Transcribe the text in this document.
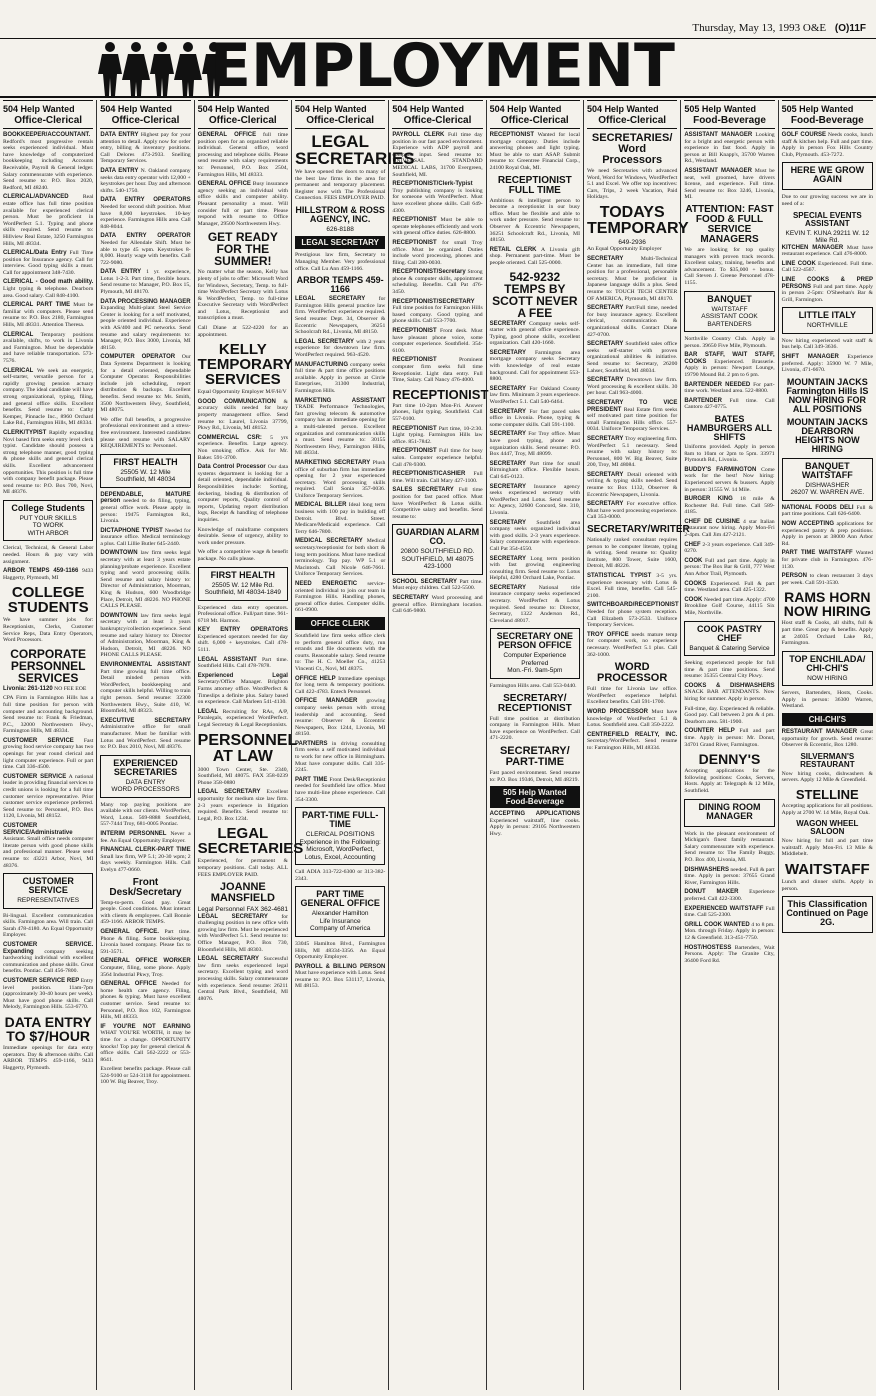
Thursday, May 13, 1993 O&E (O)11F
EMPLOYMENT
504 Help Wanted
Office-Clerical
BOOKKEEPER/ACCOUNTANT. Redford's most progressive rentals seeks experienced individual. Must have knowledge of computerized bookkeeping including Accounts Receivable, Payroll & General ledger. Salary commensurate with experience. Send resume to: P.O. Box 2020, Redford, MI 48240.
CLERICAL/ADVANCED	Real estate office has full time position available for experienced clerical person. Must be proficient in WordPerfect 5.1. Typing and phone skills required. Send resume to: Hillview Real Estate, 3250 Farmington Hills, MI 48334.
CLERICAL/Data Entry Full Time position for Insurance agency. Call for interview. Good typing skills a must. Call for appointment 348-7430.
CLERICAL - Good math ability. Light typing & telephone. Dearborn area. Good salary. Call 848-4100.
CLERICAL PART TIME Must be familiar with computers. Please send resume to: P.O. Box 2180, Farmington Hills, MI 48331. Attention Theresa.
CLERICAL Temporary positions available, shifts, to work in Livonia and Farmington. Must be dependable and have reliable transportation. 573-7576.
CLERICAL We seek an energetic, self-starter, versatile person for a rapidly growing pension actuary company. The ideal candidate will have strong organizational, typing, filing, and general office skills. Excellent benefits. Send resume to: Cathy Kemper, Pinnacle Inc., 8960 Orchard Lake Rd., Farmington Hills, MI 48334.
CLERK/TYPIST Rapidly expanding Novi based firm seeks entry level clerk typist. Candidate should possess a strong telephone manner, good typing & phone skills and general clerical skills. Excellent advancement opportunities. This position is full time with company benefit package. Please send resume to: P.O. Box 700, Novi, MI 48376.
College Students
PUT YOUR SKILLS
TO WORK
WITH ARBOR
Clerical, Technical, & General Labor needed. Hours & pay vary with assignment.
ARBOR TEMPS 459-1166 9433 Haggerty, Plymouth, MI
COLLEGE STUDENTS
We have summer jobs for: Receptionists, Clerks, Customer Service Reps, Data Entry Operators, Word Processors.
CORPORATE PERSONNEL SERVICES
Livonia: 261-1120 NO FEE EOE
CPA Firm in Farmington Hills has a full time position for person with computer and accounting background. Send resume to: Frank & Friedman, P.C., 32000 Northwestern Hwy., Farmington Hills, MI 48334.
CUSTOMER SERVICE Fast growing food service company has two openings for year round clerical and light computer experience. Full or part time. Call 336-4500.
CUSTOMER SERVICE A national leader in providing financial services to credit unions is looking for a full time customer service representative. Prior customer service experience preferred. Send resume to: Personnel, P.O. Box 1120, Livonia, MI 48152.
CUSTOMER SERVICE/Administrative Assistant. Small office needs computer literate person with good phone skills and professional manner. Please send resume to: 43221 Arbor, Novi, MI 48376.
CUSTOMER SERVICE
REPRESENTATIVES
Bi-lingual. Excellent communication skills. Farmington area. Will train. Call Sarah 478-4180. An Equal Opportunity Employer.
CUSTOMER SERVICE. Expanding company seeking hardworking individual with excellent communication and phone skills. Great benefits. Pontiac. Call 456-7800.
CUSTOMER SERVICE REP Entry level position. 11am-7pm (approximately 30-40 hours per week). Must have good phone skills. Call Melody, Farmington Hills. 553-6770.
DATA ENTRY TO $7/HOUR
Immediate openings for data entry operators. Day & afternoon shifts. Call ARBOR TEMPS 459-1166, 9433 Haggerty, Plymouth.
504 Help Wanted
Office-Clerical
DATA ENTRY Highest pay for your attention to detail. Apply now for order entry, billing & inventory positions. Call Delores 473-2933. Snelling Temporary Services.
DATA ENTRY N. Oakland company seeks data entry operator with 12,000 + keystrokes per hour. Day and afternoon shifts. 540-1750.
DATA ENTRY OPERATORS Needed for second shift position. Must have 8,000 keystrokes. 10-key experience. Farmington Hills area. Call 848-8044.
DATA ENTRY OPERATOR Needed for Allendale Shift. Must be able to type 45 wpm. Keystrokes 8-8,000. Hourly wage with benefits. Call 722-9080.
DATA ENTRY 1 yr. experience, Lotus 1-2-3. Part time, flexible hours. Send resume to: Manager, P.O. Box 15, Plymouth, MI 48170.
DATA PROCESSING MANAGER Expanding Multi-plant Steel Service Center is looking for a self motivated, people oriented individual. Experience with AS/400 and PC networks. Send resume and salary requirements to: Manager, P.O. Box 3000, Livonia, MI 48150.
COMPUTER OPERATOR Our Data Systems Department is looking for a detail oriented, dependable Computer Operator. Responsibilities include job scheduling, report distribution & backups. Excellent benefits. Send resume to: Ms. Smith, 3500 Northwestern Hwy, Southfield, MI 48075.
We offer full benefits, a progressive professional environment and a stress-free environment. Interested candidates please send resume with SALARY REQUIREMENTS to: Personnel.
FIRST HEALTH
25505 W. 12 Mile
Southfield, MI 48034
DEPENDABLE, MATURE person needed to do filing, typing, general office work. Please apply in person: 19475 Farmington Rd., Livonia.
DICTAPHONE TYPIST Needed for insurance office. Medical terminology a plus. Call Lillie Butler 645-2440.
DOWNTOWN law firm seeks legal secretary with at least 3 years estate planning/probate experience. Excellent typing and word processing skills. Send resume and salary history to: Director of Administration, Moorman, King & Hudson, 600 Woodbridge Place, Detroit, MI 48226. NO PHONE CALLS PLEASE.
DOWNTOWN law firm seeks legal secretary with at least 3 years bankruptcy/collection experience. Send resume and salary history to: Director of Administration, Moorman, King & Hudson, Detroit, MI 48226. NO PHONE CALLS PLEASE.
ENVIRONMENTAL ASSISTANT Part time growing full time office. Detail minded person with WordPerfect, bookkeeping and computer skills helpful. Willing to train right person. Send resume: 32300 Northwestern Hwy., Suite 410, W. Bloomfield, MI 48323.
EXECUTIVE SECRETARY Administrative office for small manufacturer. Must be familiar with Lotus and WordPerfect. Send resume to: P.O. Box 2010, Novi, MI 48376.
EXPERIENCED SECRETARIES
DATA ENTRY
WORD PROCESSORS
Many top paying positions are available with our clients. WordPerfect, Word, Lotus. 569-8888 Southfield, 557-7444 Troy, 681-0005 Pontiac.
INTERIM PERSONNEL Never a fee. An Equal Opportunity Employer.
FINANCIAL CLERK-PART TIME Small law firm, WP 5.1; 20-30 wpm; 2 days weekly. Farmington Hills. Call Evelyn 477-0660.
Front Desk/Secretary
Temp-to-perm. Good pay. Great people. Good conditions. Must interact with clients & employees. Call Bonnie 459-1166. ARBOR TEMPS.
GENERAL OFFICE. Part time. Phone & filing. Some bookkeeping. Livonia based company. Please fax to 591-3571.
GENERAL OFFICE WORKER Computer, filing, some phone. Apply 3564 Industrial Pkwy, Troy.
GENERAL OFFICE Needed for home health care agency. Filing, phones & typing. Must have excellent customer service. Send resume to: Personnel, P.O. Box 102, Farmington Hills, MI 48333.
IF YOU'RE NOT EARNING WHAT YOU'RE WORTH, it may be time for a change. OPPORTUNITY knocks! Top pay for general clerical & office skills. Call 562-2222 or 553-8641.
Excellent benefits package. Please call 524-9100 or 524-3118 for appointment. 100 W. Big Beaver, Troy.
504 Help Wanted
Office-Clerical
GENERAL OFFICE full time position open for an organized reliable individual. General office, word processing and telephone skills. Please send resume with salary requirements to: Personnel, P.O. Box 2504, Farmington Hills, MI 48333.
GENERAL OFFICE Busy insurance agency seeking an individual with office skills and computer ability. Pleasant personality a must. Will consider full or part time. Please respond with resume to Office Manager, 29500 Northwestern Hwy.
GET READY FOR THE SUMMER!
No matter what the season, Kelly has plenty of jobs to offer: Microsoft Word for Windows, Secretary, Temp. to full-time WordPerfect Secretary with Lotus & WordPerfect, Temp. to full-time Executive Secretary with WordPerfect and Lotus, Receptionist and transcription a must.
Call Diane at 522-4220 for an appointment.
KELLY TEMPORARY SERVICES
Equal Opportunity Employer M/F/H/V
GOOD COMMUNICATION & accuracy skills needed for busy property management office. Send resume to: Laurel, Livonia 37799, Pkwy Rd., Livonia, MI 48152.
COMMERCIAL CSR: 5 yrs experience. Benefits. Large agency. Non smoking office. Ask for Mr. Baker. 591-3700.
Data Control Processor Our data systems department is looking for a detail oriented, dependable individual. Responsibilities include: Sorting, deckering, binding & distribution of computer reports, Quality control of reports, Updating report distribution logs, Receipt & handling of telephone inquiries.
Knowledge of mainframe computers desirable. Sense of urgency, ability to work under pressure.
We offer a competitive wage & benefit package. No calls please.
FIRST HEALTH
25505 W. 12 Mile Rd.
Southfield, MI 48034-1849
Experienced data entry operators. Professional office. Full/part time. 961-6718 Mt. Harmon.
KEY ENTRY OPERATORS Experienced operators needed for day shift. 6,000 + keystrokes. Call 478-5111.
LEGAL ASSISTANT Part time. Southfield Hills. Call 478-7878.
Experienced Legal Secretary/Office Manager. Brighton Farms attorney office. WordPerfect & Timeslips a definite plus. Salary based on experience. Call Marleen 541-4130.
LEGAL Recruiting for RAs, A/P, Paralegals, experienced WordPerfect. Legal Secretary & Legal Receptionists.
PERSONNEL AT LAW
3000 Town Center, Ste. 2340, Southfield, MI 48075. FAX 358-0239 Phone 358-0880
LEGAL SECRETARY Excellent opportunity for medium size law firm. 2-3 years experience in litigation required. Benefits. Send resume to: Legal, P.O. Box 1234.
LEGAL SECRETARIES
Experienced, for permanent & temporary positions. Call today. ALL FEES EMPLOYER PAID.
JOANNE MANSFIELD
Legal Personnel FAX 362-4681
LEGAL SECRETARY for challenging position in new office with growing law firm. Must be experienced with WordPerfect 5.1. Send resume to: Office Manager, P.O. Box 730, Bloomfield Hills, MI 48303.
LEGAL SECRETARY Successful law firm seeks experienced legal secretary. Excellent typing and word processing skills. Salary commensurate with experience. Send resume: 26211 Central Park Blvd., Southfield, MI 48076.
504 Help Wanted
Office-Clerical
LEGAL SECRETARIES
We have opened the doors to many of the best law firms in the area for permanent and temporary placement. Register now with The Professional Connection. FEES EMPLOYER PAID.
HILLSTROM & ROSS AGENCY, INC.
626-8188
LEGAL SECRETARY
Prestigious law firm, Secretary to Managing Member. Very professional office. Call Lu Ann 459-1166.
ARBOR TEMPS 459-1166
LEGAL SECRETARY for Farmington Hills general practice law firm. WordPerfect experience required. Send resume: Dept. 34, Observer & Eccentric Newspapers, 36251 Schoolcraft Rd., Livonia, MI 48150.
LEGAL SECRETARY with 2 years experience for downtown law firm. WordPerfect required. 963-4520.
MANUFACTURING company seeks full time & part time office positions available. Apply in person at Circle Enterprises, 31300 Industrial, Farmington Hills.
MARKETING ASSISTANT TRADE Performance Technologies, fast growing telecom & automotive company has an immediate opening for a multi-talented person. Excellent organization and communication skills a must. Send resume to: 30155 Northwestern Hwy, Farmington Hills, MI 48334.
MARKETING SECRETARY Plush office of suburban firm has immediate opening for 2 year experienced secretary. Word processing skills required. Call Sonia 357-0036. Uniforce Temporary Services.
MEDICAL BILLER Ideal long term business with 100 pay in building off Detroit. Blvd. Street. Medicare/Medicaid experience. Call Terry 646-7800.
MEDICAL SECRETARY Medical secretary/receptionist for both short & long term positions. Must have medical terminology. Top pay. WP 5.1 or Macintosh. Call Nicole 646-7661. Uniforce Temporary Services.
NEED ENERGETIC service-oriented individual to join our team in Farmington Hills. Handling phones, general office duties. Computer skills. 661-0900.
OFFICE CLERK
Southfield law firm seeks office clerk to perform general office duty, run errands and file documents with the courts. Reasonable salary. Send resume to: The H. C. Moeller Co., 41253 Vincenti Ct., Novi, MI 48375.
OFFICE HELP Immediate openings for long term & temporary positions. Call 422-4783. Entech Personnel.
OFFICE MANAGER growing company seeks person with strong leadership and accounting. Send resume: Observer & Eccentric Newspapers, Box 1244, Livonia, MI 48150.
PARTNERS in driving consulting firm seeks a self motivated individual to work for new office in Birmingham. Must have computer skills. Call 335-2245.
PART TIME Front Desk/Receptionist needed for Southfield law office. Must have multi-line phone experience. Call 354-3300.
PART-TIME FULL-TIME
CLERICAL POSITIONS
Experience in the Following:
Microsoft, WordPerfect, Lotus, Excel, Accounting
Call ADIA 313-722-6300 or 313-382-2343.
PART TIME GENERAL OFFICE
Alexander Hamilton
Life Insurance
Company of America
33045 Hamilton Blvd., Farmington Hills, MI 48334-3356. An Equal Opportunity Employer.
PAYROLL & BILLING PERSON Must have experience with Lotus. Send resume to: P.O. Box 531117, Livonia, MI 48153.
504 Help Wanted
Office-Clerical
PAYROLL CLERK Full time day position in our fast paced environment. Experience with ADP payroll and computer input. Send resume to: UNIVERSAL STANDARD MEDICAL LABS, 31700 Evergreen, Southfield, MI.
RECEPTIONIST/Clerk-Typist Troy publishing company is looking for someone with WordPerfect. Must have excellent phone skills. Call 649-4300.
RECEPTIONIST Must be able to operate telephones efficiently and work with general office duties. 626-8800.
RECEPTIONIST for small Troy office. Must be organized. Duties include word processing, phones and filing. Call 280-0030.
RECEPTIONIST/Secretary Strong phone & computer skills, appointment scheduling. Benefits. Call Pat 476-3450.
RECEPTIONIST/SECRETARY Full time position for Farmington Hills based company. Good typing and phone skills. Call 553-7700.
RECEPTIONIST Front desk. Must have pleasant phone voice, some computer experience. Southfield. 354-6100.
RECEPTIONIST	Prominent computer firm seeks full time Receptionist. Light data entry. Full Time, Salary. Call Nancy 476-4000.
RECEPTIONIST
Part time 10-2pm Mon-Fri. Answer phones, light typing. Southfield. Call 557-0100.
RECEPTIONIST Part time, 10-2:30. Light typing. Farmington Hills law office. 851-7842.
RECEPTIONIST Full time for busy salon. Computer experience helpful. Call 478-9300.
RECEPTIONIST/CASHIER Full time. Will train. Call Mary 427-1100.
SALES SECRETARY Full time position for fast paced office. Must have WordPerfect & Lotus skills. Competitive salary and benefits. Send resume to:
GUARDIAN ALARM CO.
20800 SOUTHFIELD RD.
SOUTHFIELD, MI 48075
423-1000
SCHOOL SECRETARY Part time. Must enjoy children. Call 522-5500.
SECRETARY Word processing and general office. Birmingham location. Call 646-9800.
504 Help Wanted
Office-Clerical
RECEPTIONIST Wanted for local mortgage company. Duties include answering phones and light typing. Must be able to start ASAP. Submit resume to: Greentree Financial Corp., 24100 Royal Oak, MI.
RECEPTIONIST FULL TIME
Ambitious & intelligent person to become a receptionist in our busy office. Must be flexible and able to work under pressure. Send resume to: Observer & Eccentric Newspapers, 36251 Schoolcraft Rd., Livonia, MI 48150.
RETAIL CLERK A Livonia gift shop. Permanent part-time. Must be people oriented. Call 525-0000.
542-9232 TEMPS BY SCOTT NEVER A FEE
SECRETARY Company seeks self-starter with general office experience. Typing, good phone skills, excellent organization. Call 420-1660.
SECRETARY Farmington area mortgage company seeks Secretary with knowledge of real estate background. Call for appointment 553-8800.
SECRETARY For Oakland County law firm. Minimum 3 years experience. WordPerfect 5.1. Call 540-6464.
SECRETARY For fast paced sales office in Livonia. Phone, typing & some computer skills. Call 591-1100.
SECRETARY For Troy office. Must have good typing, phone and organization skills. Send resume: P.O. Box 4447, Troy, MI 48099.
SECRETARY Part time for small Birmingham office. Flexible hours. Call 645-0123.
SECRETARY Insurance agency seeks experienced secretary with WordPerfect and Lotus. Send resume to: Agency, 32600 Concord, Ste. 310, Livonia.
SECRETARY Southfield area company seeks organized individual with good skills. 2-3 years experience. Salary commensurate with experience. Call Pat 354-4550.
SECRETARY Long term position with fast growing engineering consulting firm. Send resume to: Lotus Helpful, 4280 Orchard Lake, Pontiac.
SECRETARY National title insurance company seeks experienced secretary. WordPerfect & Lotus required. Send resume to: Director, Secretary, 1322 Anderson Rd., Cleveland 48017.
SECRETARY ONE PERSON OFFICE
Computer Experience Preferred
Mon.-Fri. 9am-5pm
Farmington Hills area. Call 553-0440.
SECRETARY/ RECEPTIONIST
Full time position at distribution company in Farmington Hills. Must have experience on WordPerfect. Call 471-2220.
SECRETARY/ PART-TIME
Fast paced environment. Send resume to: P.O. Box 19346, Detroit, MI 48219.
505 Help Wanted Food-Beverage
ACCEPTING APPLICATIONS Experienced waitstaff, line cooks. Apply in person: 29105 Northwestern Hwy.
504 Help Wanted
Office-Clerical
SECRETARIES/ Word Processors
We need Secretaries with advanced Word, Word for Windows, WordPerfect 5.1 and Excel. We offer top incentives: Cars, Trips, 2 week Vacation, Paid Holidays.
TODAYS TEMPORARY
649-2936
An Equal Opportunity Employer
SECRETARY	Multi-Technical Center has an immediate, full time position for a professional, personable secretary. Must be proficient in Japanese language skills a plus. Send resume to: TOUCH TECH CENTER OF AMERICA, Plymouth, MI 48170.
SECRETARY Part/Full time, needed for busy insurance agency. Excellent clerical, communication & organizational skills. Contact Diane 427-0700.
SECRETARY Southfield sales office seeks self-starter with proven organizational abilities & initiative. Send resume to: Secretary, 26200 Lahser, Southfield, MI 48034.
SECRETARY Downtown law firm. Word processing & excellent skills. 30 per hour. Call 963-4000.
SECRETARY TO VICE PRESIDENT Real Estate firm seeks self motivated part time position for small Farmington Hills office. 557-0034. Uniforce Temporary Services.
SECRETARY Troy engineering firm. WordPerfect 5.1 necessary. Send resume with salary history to: Personnel, 800 W. Big Beaver, Suite 200, Troy, MI 48084.
SECRETARY Detail oriented with writing & typing skills needed. Send resume to: Box 1132, Observer & Eccentric Newspapers, Livonia.
SECRETARY For executive office. Must have word processing experience. Call 353-0000.
SECRETARY/WRITER
Nationally ranked consultant requires person to be computer literate, typing & writing. Send resume to: Quality Institute, 800 Tower, Suite 1600, Detroit, MI 48226.
STATISTICAL TYPIST 3-5 yrs. experience necessary with Lotus & Excel. Full time, benefits. Call 545-2100.
SWITCHBOARD/RECEPTIONIST Needed for phone system reception. Call Elizabeth 573-2533. Uniforce Temporary Services.
TROY OFFICE needs mature temp for computer work, no experience necessary. WordPerfect 5.1 plus. Call 362-1000.
WORD PROCESSOR
Full time for Livonia law office. WordPerfect experience helpful. Excellent benefits. Call 591-1700.
WORD PROCESSOR Must have knowledge of WordPerfect 5.1 & Lotus. Southfield area. Call 350-2222.
CENTREFIELD REALTY, INC. Secretary/WordPerfect. Send resume to: Farmington Hills, MI 48334.
505 Help Wanted
Food-Beverage
ASSISTANT MANAGER Looking for a bright and energetic person with experience in fast food. Apply in person at Bill Knapp's, 35700 Warren Rd., Westland.
ASSISTANT MANAGER Must be neat, well groomed, have drivers license, and experience. Full time. Send resume to: Box 3246, Livonia, MI.
ATTENTION: FAST FOOD & FULL SERVICE MANAGERS
We are looking for top quality managers with proven track records. Excellent salary, training, benefits and advancement. To $35,000 + bonus. Call Steven J. Greene Personnel 478-1155.
BANQUET
WAITSTAFF
ASSISTANT COOK
BARTENDERS
Northville Country Club. Apply in person. 39650 Five Mile, Plymouth.
BAR STAFF, WAIT STAFF, COOKS Experienced. Brasserie. Apply in person: Newport Lounge, 19790 Mound Rd. 2 pm to 6 pm.
BARTENDER NEEDED For part-time work. Westland area. 522-8800.
BARTENDER Full time. Call Cantoro 427-0775.
BATES HAMBURGERS ALL SHIFTS
Uniforms provided. Apply in person 8am to 10am or 2pm to 5pm. 33971 Plymouth Rd., Livonia.
BUDDY'S FARMINGTON Come work for the best! Now hiring: Experienced servers & bussers. Apply in person: 31555 W. 14 Mile.
BURGER KING 18 mile & Rochester Rd. Full time. Call 589-4185.
CHEF DE CUISINE 4 star Italian restaurant now hiring. Apply Mon-Fri 2-4pm. Call Jim 427-2121.
CHEF 2-3 years experience. Call 349-0270.
COOK Full and part time. Apply in person: The Box Bar & Grill, 777 West Ann Arbor Trail, Plymouth.
COOKS Experienced. Full & part time. Westland area. Call 425-1322.
COOK Needed part time. Apply: 4700 Brookline Golf Course, 44115 Six Mile, Northville.
COOK PASTRY CHEF
Banquet & Catering Service
Seeking experienced people for full time & part time positions. Send resume: 35355 Central City Pkwy.
COOKS & DISHWASHERS SNACK BAR ATTENDANTS. Now hiring for summer. Apply in person.
Full-time, day. Experienced & reliable. Good pay. Call between 2 pm & 4 pm. Dearborn area. 581-1900.
COUNTER HELP Full and part time. Apply in person: Mr. Donut, 34701 Grand River, Farmington.
DENNY'S
Accepting applications for the following positions: Cooks, Servers, Hosts. Apply at: Telegraph & 12 Mile, Southfield.
DINING ROOM MANAGER
Work in the pleasant environment of Michigan's finest family restaurant. Salary commensurate with experience. Send resume to: The Family Buggy, P.O. Box 400, Livonia, MI.
DISHWASHERS needed. Full & part time. Apply in person: 37655 Grand River, Farmington Hills.
DONUT MAKER Experience preferred. Call 422-3300.
EXPERIENCED WAITSTAFF Full time. Call 525-2300.
GRILL COOK WANTED 4 to 8 pm. Mon. through Friday. Apply in person: 12 & Greenfield. 313-451-7750.
HOST/HOSTESS Bartenders, Wait Persons. Apply: The Granite City, 36400 Ford Rd.
505 Help Wanted
Food-Beverage
GOLF COURSE Needs cooks, lunch staff & kitchen help. Full and part time. Apply in person Fox Hills Country Club, Plymouth. 453-7272.
HERE WE GROW AGAIN
Due to our growing success we are in need of a:
SPECIAL EVENTS ASSISTANT
KEVIN T. KUNA 29211 W. 12 Mile Rd.
KITCHEN MANAGER Must have restaurant experience. Call 476-8000.
LINE COOK Experienced. Full time. Call 522-4567.
LINE COOKS & PREP PERSONS Full and part time. Apply in person 2-5pm: O'Sheehan's Bar & Grill, Farmington.
LITTLE ITALY
NORTHVILLE
Now hiring experienced wait staff & bus help. Call 349-3636.
SHIFT MANAGER Experience preferred. Apply: 35900 W. 7 Mile, Livonia, 471-6670.
MOUNTAIN JACKS Farmington Hills IS NOW HIRING FOR ALL POSITIONS
MOUNTAIN JACKS DEARBORN HEIGHTS NOW HIRING
BANQUET WAITSTAFF
DISHWASHER
26207 W. WARREN AVE.
NATIONAL FOODS DELI Full & part time positions. Call 626-6400.
NOW ACCEPTING applications for experienced pantry & prep positions. Apply in person at 38000 Ann Arbor Rd.
PART TIME WAITSTAFF Wanted for private club in Farmington. 476-1130.
PERSON to clean restaurant 3 days per week. Call 591-3530.
RAMS HORN NOW HIRING
Host staff & Cooks, all shifts, full & part time. Great pay & benefits. Apply at 24035 Orchard Lake Rd., Farmington.
TOP ENCHILADA/ CHI-CHI'S
NOW HIRING
Servers, Bartenders, Hosts, Cooks. Apply in person: 36300 Warren, Westland.
CHI-CHI'S
RESTAURANT MANAGER Great opportunity for growth. Send resume: Observer & Eccentric, Box 1280.
SILVERMAN'S RESTAURANT
Now hiring cooks, dishwashers & servers. Apply 12 Mile & Greenfield.
STELLINE
Accepting applications for all positions. Apply at 2700 W. 14 Mile, Royal Oak.
WAGON WHEEL SALOON
Now hiring for full and part time waitstaff. Apply Mon-Fri. 13 Mile & Middlebelt.
WAITSTAFF
Lunch and dinner shifts. Apply in person.
This Classification Continued on Page 2G.
